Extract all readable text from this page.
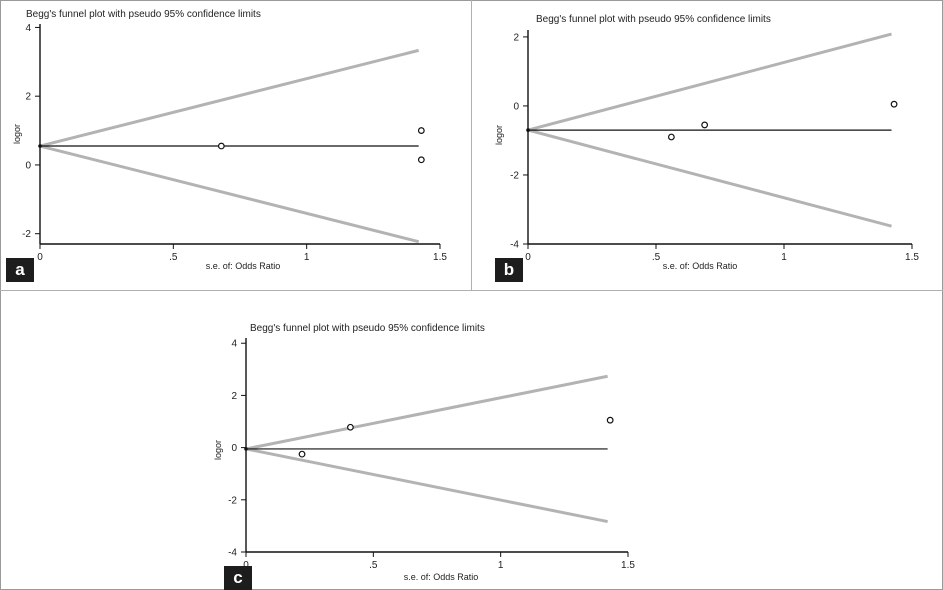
Begg's funnel plot with pseudo 95% confidence limits
logor
s.e. of: Odds Ratio
-2
0
2
4
0	.5	1	1.5
a
Begg's funnel plot with pseudo 95% confidence limits
logor
s.e. of: Odds Ratio
-4
-2
0
2
0	.5	1	1.5
b
Begg's funnel plot with pseudo 95% confidence limits
logor
s.e. of: Odds Ratio
-4
-2
0
2
4
.5	1	1.5
c
